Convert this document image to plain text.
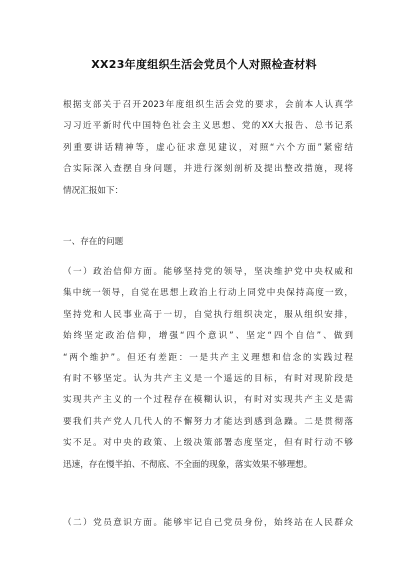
XX23年度组织生活会党员个人对照检查材料
根据支部关于召开2023年度组织生活会党的要求，会前本人认真学
习习近平新时代中国特色社会主义思想、党的XX大报告、总书记系
列重要讲话精神等，虚心征求意见建议，对照“六个方面”紧密结
合实际深入查摆自身问题，并进行深刻剖析及提出整改措施，现将
情况汇报如下：
一、存在的问题
（一）政治信仰方面。能够坚持党的领导，坚决维护党中央权威和
集中统一领导，自觉在思想上政治上行动上同党中央保持高度一致，
坚持党和人民事业高于一切，自觉执行组织决定，服从组织安排，
始终坚定政治信仰，增强“四个意识”、坚定“四个自信”、做到
“两个维护”。但还有差距：一是共产主义理想和信念的实践过程
有时不够坚定。认为共产主义是一个遥远的目标，有时对现阶段是
实现共产主义的一个过程存在模糊认识，有时对实现共产主义是需
要我们共产党人几代人的不懈努力才能达到感到急躁。二是贯彻落
实不足。对中央的政策、上级决策部署态度坚定，但有时行动不够
迅速，存在慢半拍、不彻底、不全面的现象，落实效果不够理想。
（二）党员意识方面。能够牢记自己党员身份，始终站在人民群众
